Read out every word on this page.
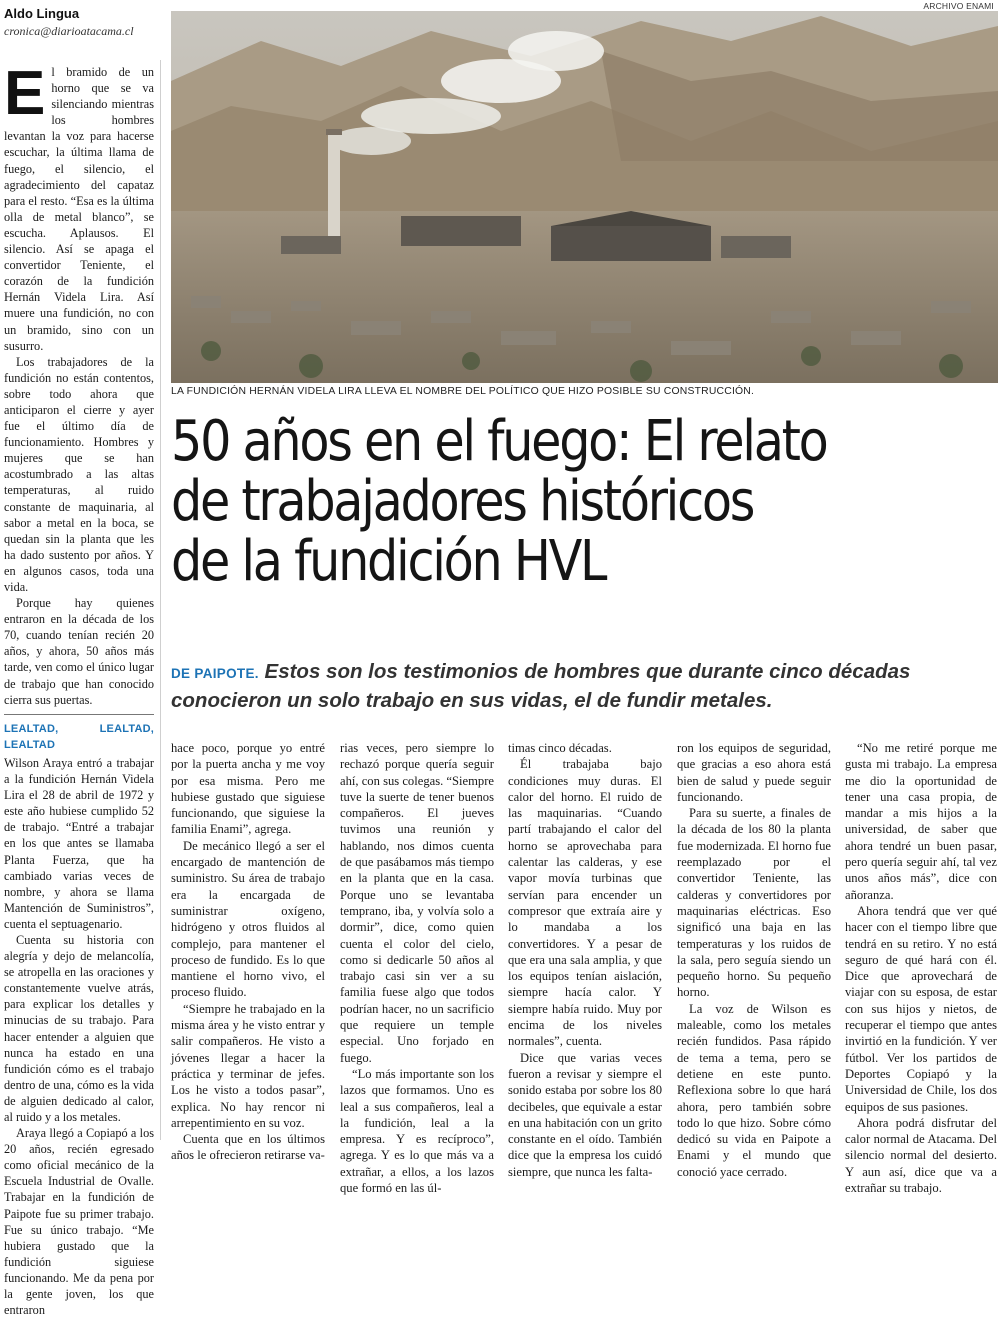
Aldo Lingua
cronica@diarioatacama.cl

El bramido de un horno que se va silenciando mientras los hombres levantan la voz para hacerse escuchar, la última llama de fuego, el silencio, el agradecimiento del capataz para el resto. “Esa es la última olla de metal blanco”, se escucha. Aplausos. El silencio. Así se apaga el convertidor Teniente, el corazón de la fundición Hernán Videla Lira. Así muere una fundición, no con un bramido, sino con un susurro.

Los trabajadores de la fundición no están contentos, sobre todo ahora que anticiparon el cierre y ayer fue el último día de funcionamiento. Hombres y mujeres que se han acostumbrado a las altas temperaturas, al ruido constante de maquinaria, al sabor a metal en la boca, se quedan sin la planta que les ha dado sustento por años. Y en algunos casos, toda una vida.

Porque hay quienes entraron en la década de los 70, cuando tenían recién 20 años, y ahora, 50 años más tarde, ven como el único lugar de trabajo que han conocido cierra sus puertas.

LEALTAD, LEALTAD, LEALTAD

Wilson Araya entró a trabajar a la fundición Hernán Videla Lira el 28 de abril de 1972 y este año hubiese cumplido 52 de trabajo. “Entré a trabajar en los que antes se llamaba Planta Fuerza, que ha cambiado varias veces de nombre, y ahora se llama Mantención de Suministros”, cuenta el septuagenario.

Cuenta su historia con alegría y dejo de melancolía, se atropella en las oraciones y constantemente vuelve atrás, para explicar los detalles y minucias de su trabajo. Para hacer entender a alguien que nunca ha estado en una fundición cómo es el trabajo dentro de una, cómo es la vida de alguien dedicado al calor, al ruido y a los metales.

Araya llegó a Copiapó a los 20 años, recién egresado como oficial mecánico de la Escuela Industrial de Ovalle. Trabajar en la fundición de Paipote fue su primer trabajo. Fue su único trabajo. “Me hubiera gustado que la fundición siguiese funcionando. Me da pena por la gente joven, los que entraron

ARCHIVO ENAMI
LA FUNDICIÓN HERNÁN VIDELA LIRA LLEVA EL NOMBRE DEL POLÍTICO QUE HIZO POSIBLE SU CONSTRUCCIÓN.
50 años en el fuego: El relato
de trabajadores históricos
de la fundición HVL
DE PAIPOTE. Estos son los testimonios de hombres que durante cinco décadas
conocieron un solo trabajo en sus vidas, el de fundir metales.

hace poco, porque yo entré por la puerta ancha y me voy por esa misma. Pero me hubiese gustado que siguiese funcionando, que siguiese la familia Enami”, agrega.

De mecánico llegó a ser el encargado de mantención de suministro. Su área de trabajo era la encargada de suministrar oxígeno, hidrógeno y otros fluidos al complejo, para mantener el proceso de fundido. Es lo que mantiene el horno vivo, el proceso fluido.

“Siempre he trabajado en la misma área y he visto entrar y salir compañeros. He visto a jóvenes llegar a hacer la práctica y terminar de jefes. Los he visto a todos pasar”, explica. No hay rencor ni arrepentimiento en su voz.

Cuenta que en los últimos años le ofrecieron retirarse va-

rias veces, pero siempre lo rechazó porque quería seguir ahí, con sus colegas. “Siempre tuve la suerte de tener buenos compañeros. El jueves tuvimos una reunión y hablando, nos dimos cuenta de que pasábamos más tiempo en la planta que en la casa. Porque uno se levantaba temprano, iba, y volvía solo a dormir”, dice, como quien cuenta el color del cielo, como si dedicarle 50 años al trabajo casi sin ver a su familia fuese algo que todos podrían hacer, no un sacrificio que requiere un temple especial. Uno forjado en fuego.

“Lo más importante son los lazos que formamos. Uno es leal a sus compañeros, leal a la fundición, leal a la empresa. Y es recíproco”, agrega. Y es lo que más va a extrañar, a ellos, a los lazos que formó en las úl-

timas cinco décadas.

Él trabajaba bajo condiciones muy duras. El calor del horno. El ruido de las maquinarias. “Cuando partí trabajando el calor del horno se aprovechaba para calentar las calderas, y ese vapor movía turbinas que servían para encender un compresor que extraía aire y lo mandaba a los convertidores. Y a pesar de que era una sala amplia, y que los equipos tenían aislación, siempre hacía calor. Y siempre había ruido. Muy por encima de los niveles normales”, cuenta.

Dice que varias veces fueron a revisar y siempre el sonido estaba por sobre los 80 decibeles, que equivale a estar en una habitación con un grito constante en el oído. También dice que la empresa los cuidó siempre, que nunca les falta-

ron los equipos de seguridad, que gracias a eso ahora está bien de salud y puede seguir funcionando.

Para su suerte, a finales de la década de los 80 la planta fue modernizada. El horno fue reemplazado por el convertidor Teniente, las calderas y convertidores por maquinarias eléctricas. Eso significó una baja en las temperaturas y los ruidos de la sala, pero seguía siendo un pequeño horno. Su pequeño horno.

La voz de Wilson es maleable, como los metales recién fundidos. Pasa rápido de tema a tema, pero se detiene en este punto. Reflexiona sobre lo que hará ahora, pero también sobre todo lo que hizo. Sobre cómo dedicó su vida en Paipote a Enami y el mundo que conoció yace cerrado.

“No me retiré porque me gusta mi trabajo. La empresa me dio la oportunidad de tener una casa propia, de mandar a mis hijos a la universidad, de saber que ahora tendré un buen pasar, pero quería seguir ahí, tal vez unos años más”, dice con añoranza.

Ahora tendrá que ver qué hacer con el tiempo libre que tendrá en su retiro. Y no está seguro de qué hará con él. Dice que aprovechará de viajar con su esposa, de estar con sus hijos y nietos, de recuperar el tiempo que antes invirtió en la fundición. Y ver fútbol. Ver los partidos de Deportes Copiapó y la Universidad de Chile, los dos equipos de sus pasiones.

Ahora podrá disfrutar del calor normal de Atacama. Del silencio normal del desierto. Y aun así, dice que va a extrañar su trabajo.
